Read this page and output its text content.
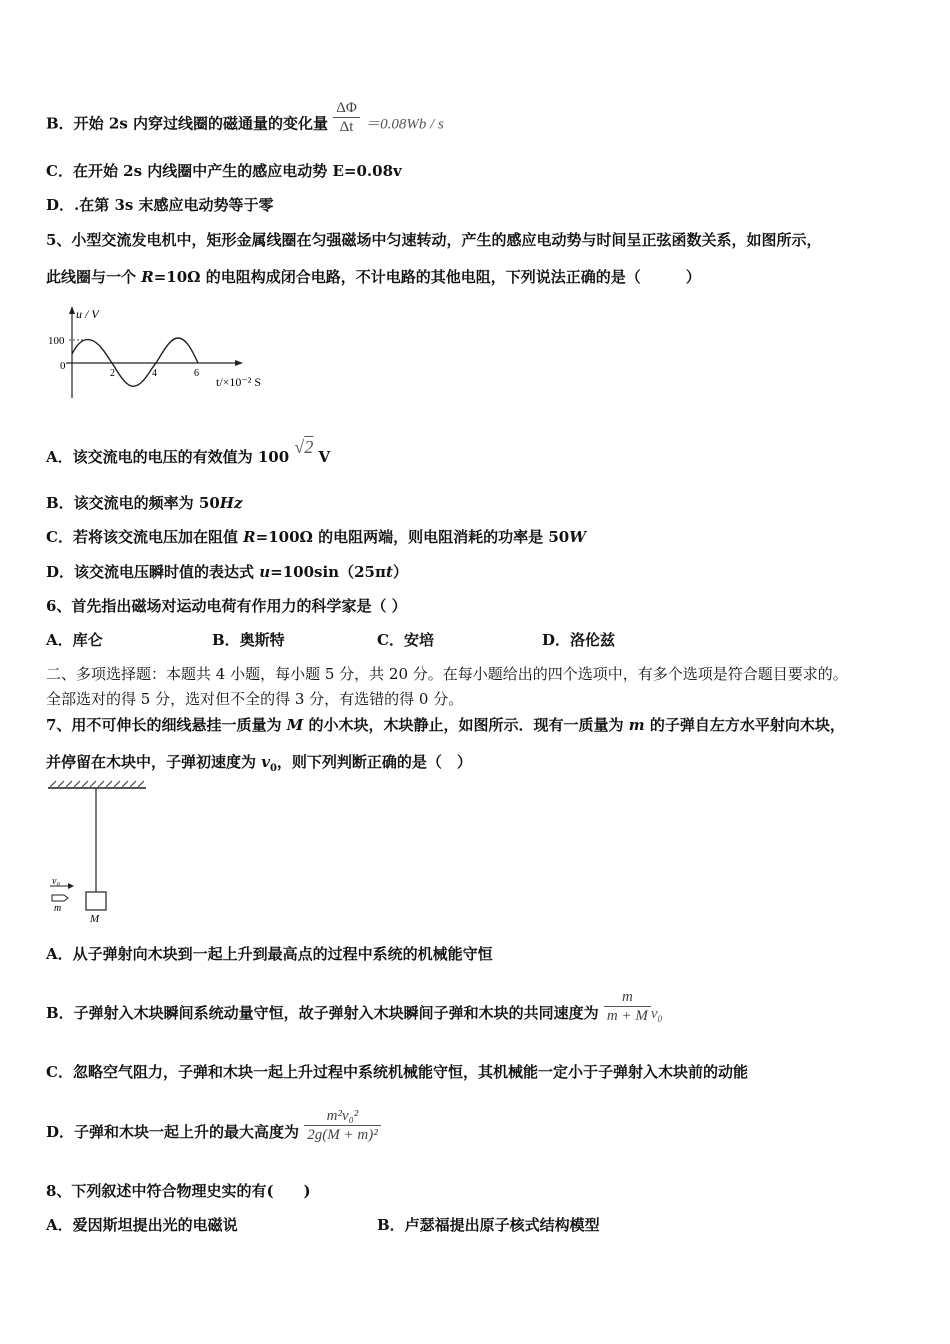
B．开始 2s 内穿过线圈的磁通量的变化量 $\frac{\Delta\Phi}{\Delta t} =0.08Wb / s$
C．在开始 2s 内线圈中产生的感应电动势 E=0.08v
D．.在第 3s 末感应电动势等于零
5、小型交流发电机中，矩形金属线圈在匀强磁场中匀速转动，产生的感应电动势与时间呈正弦函数关系，如图所示，
此线圈与一个 R=10Ω 的电阻构成闭合电路，不计电路的其他电阻，下列说法正确的是（　　　）
u / V
100
0
2	4	6
t/×10⁻² S
A．该交流电的电压的有效值为 100 √2 V
B．该交流电的频率为 50Hz
C．若将该交流电压加在阻值 R=100Ω 的电阻两端，则电阻消耗的功率是 50W
D．该交流电压瞬时值的表达式 u=100sin（25πt）
6、首先指出磁场对运动电荷有作用力的科学家是（ ）
A．库仑	B．奥斯特	C．安培	D．洛伦兹
二、多项选择题：本题共 4 小题，每小题 5 分，共 20 分。在每小题给出的四个选项中，有多个选项是符合题目要求的。
全部选对的得 5 分，选对但不全的得 3 分，有选错的得 0 分。
7、用不可伸长的细线悬挂一质量为 M 的小木块，木块静止，如图所示．现有一质量为 m 的子弹自左方水平射向木块，
并停留在木块中，子弹初速度为 $v_0$，则下列判断正确的是（　）
M
v₀
m
A．从子弹射向木块到一起上升到最高点的过程中系统的机械能守恒
B．子弹射入木块瞬间系统动量守恒，故子弹射入木块瞬间子弹和木块的共同速度为 $\frac{m}{m + M} v_0$
C．忽略空气阻力，子弹和木块一起上升过程中系统机械能守恒，其机械能一定小于子弹射入木块前的动能
D．子弹和木块一起上升的最大高度为 $\frac{\text{m²v₀²}}{\text{2g(M + m)²}}$
8、下列叙述中符合物理史实的有(　　)
A．爱因斯坦提出光的电磁说	B．卢瑟福提出原子核式结构模型
